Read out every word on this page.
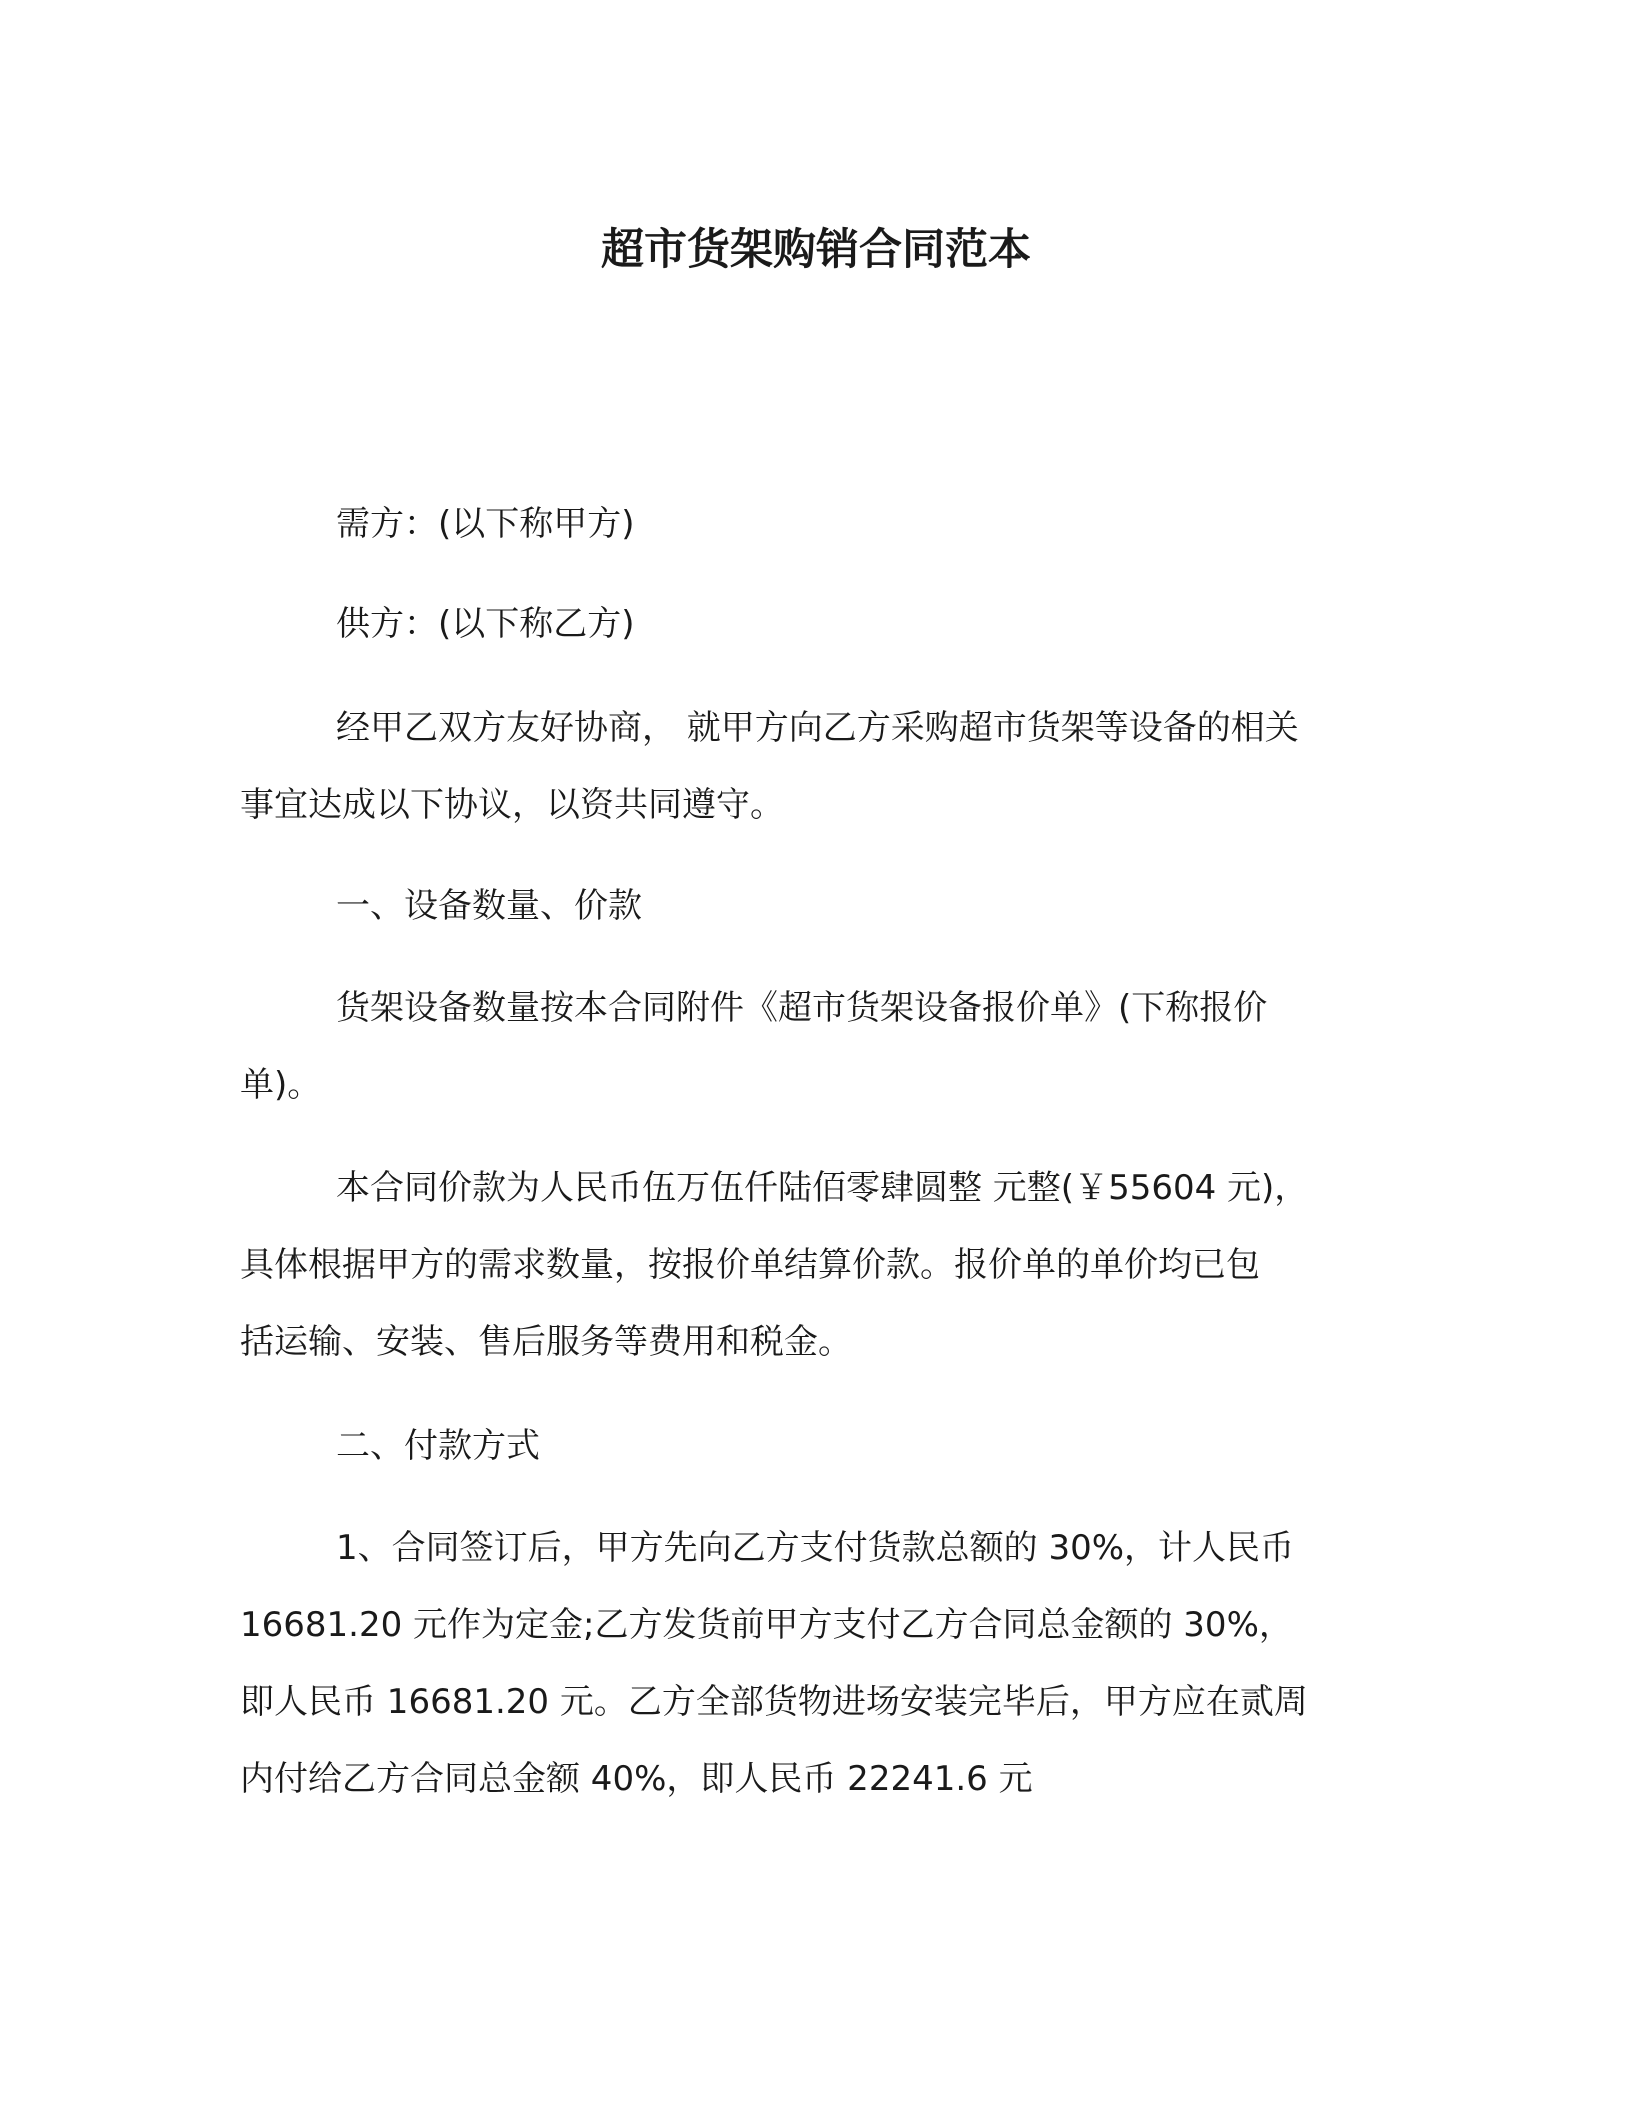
超市货架购销合同范本

需方：(以下称甲方)

供方：(以下称乙方)

经甲乙双方友好协商， 就甲方向乙方采购超市货架等设备的相关
事宜达成以下协议，以资共同遵守。

一、设备数量、价款

货架设备数量按本合同附件《超市货架设备报价单》(下称报价
单)。

本合同价款为人民币伍万伍仟陆佰零肆圆整 元整(￥55604 元)，
具体根据甲方的需求数量，按报价单结算价款。报价单的单价均已包
括运输、安装、售后服务等费用和税金。

二、付款方式

1、合同签订后，甲方先向乙方支付货款总额的 30%，计人民币
16681.20 元作为定金;乙方发货前甲方支付乙方合同总金额的 30%，
即人民币 16681.20 元。乙方全部货物进场安装完毕后，甲方应在贰周
内付给乙方合同总金额 40%，即人民币 22241.6 元
